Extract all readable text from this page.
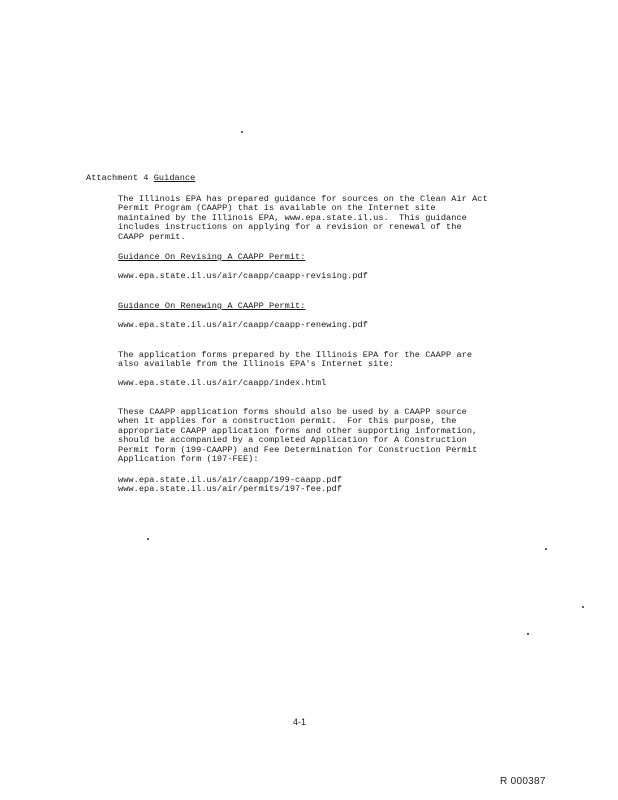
Attachment 4 Guidance
The Illinois EPA has prepared guidance for sources on the Clean Air Act
Permit Program (CAAPP) that is available on the Internet site
maintained by the Illinois EPA, www.epa.state.il.us.  This guidance
includes instructions on applying for a revision or renewal of the
CAAPP permit.
Guidance On Revising A CAAPP Permit:
www.epa.state.il.us/air/caapp/caapp-revising.pdf
Guidance On Renewing A CAAPP Permit:
www.epa.state.il.us/air/caapp/caapp-renewing.pdf
The application forms prepared by the Illinois EPA for the CAAPP are
also available from the Illinois EPA's Internet site:
www.epa.state.il.us/air/caapp/index.html
These CAAPP application forms should also be used by a CAAPP source
when it applies for a construction permit.  For this purpose, the
appropriate CAAPP application forms and other supporting information,
should be accompanied by a completed Application for A Construction
Permit form (199-CAAPP) and Fee Determination for Construction Permit
Application form (197-FEE):
www.epa.state.il.us/air/caapp/199-caapp.pdf
www.epa.state.il.us/air/permits/197-fee.pdf
4-1
R 000387
